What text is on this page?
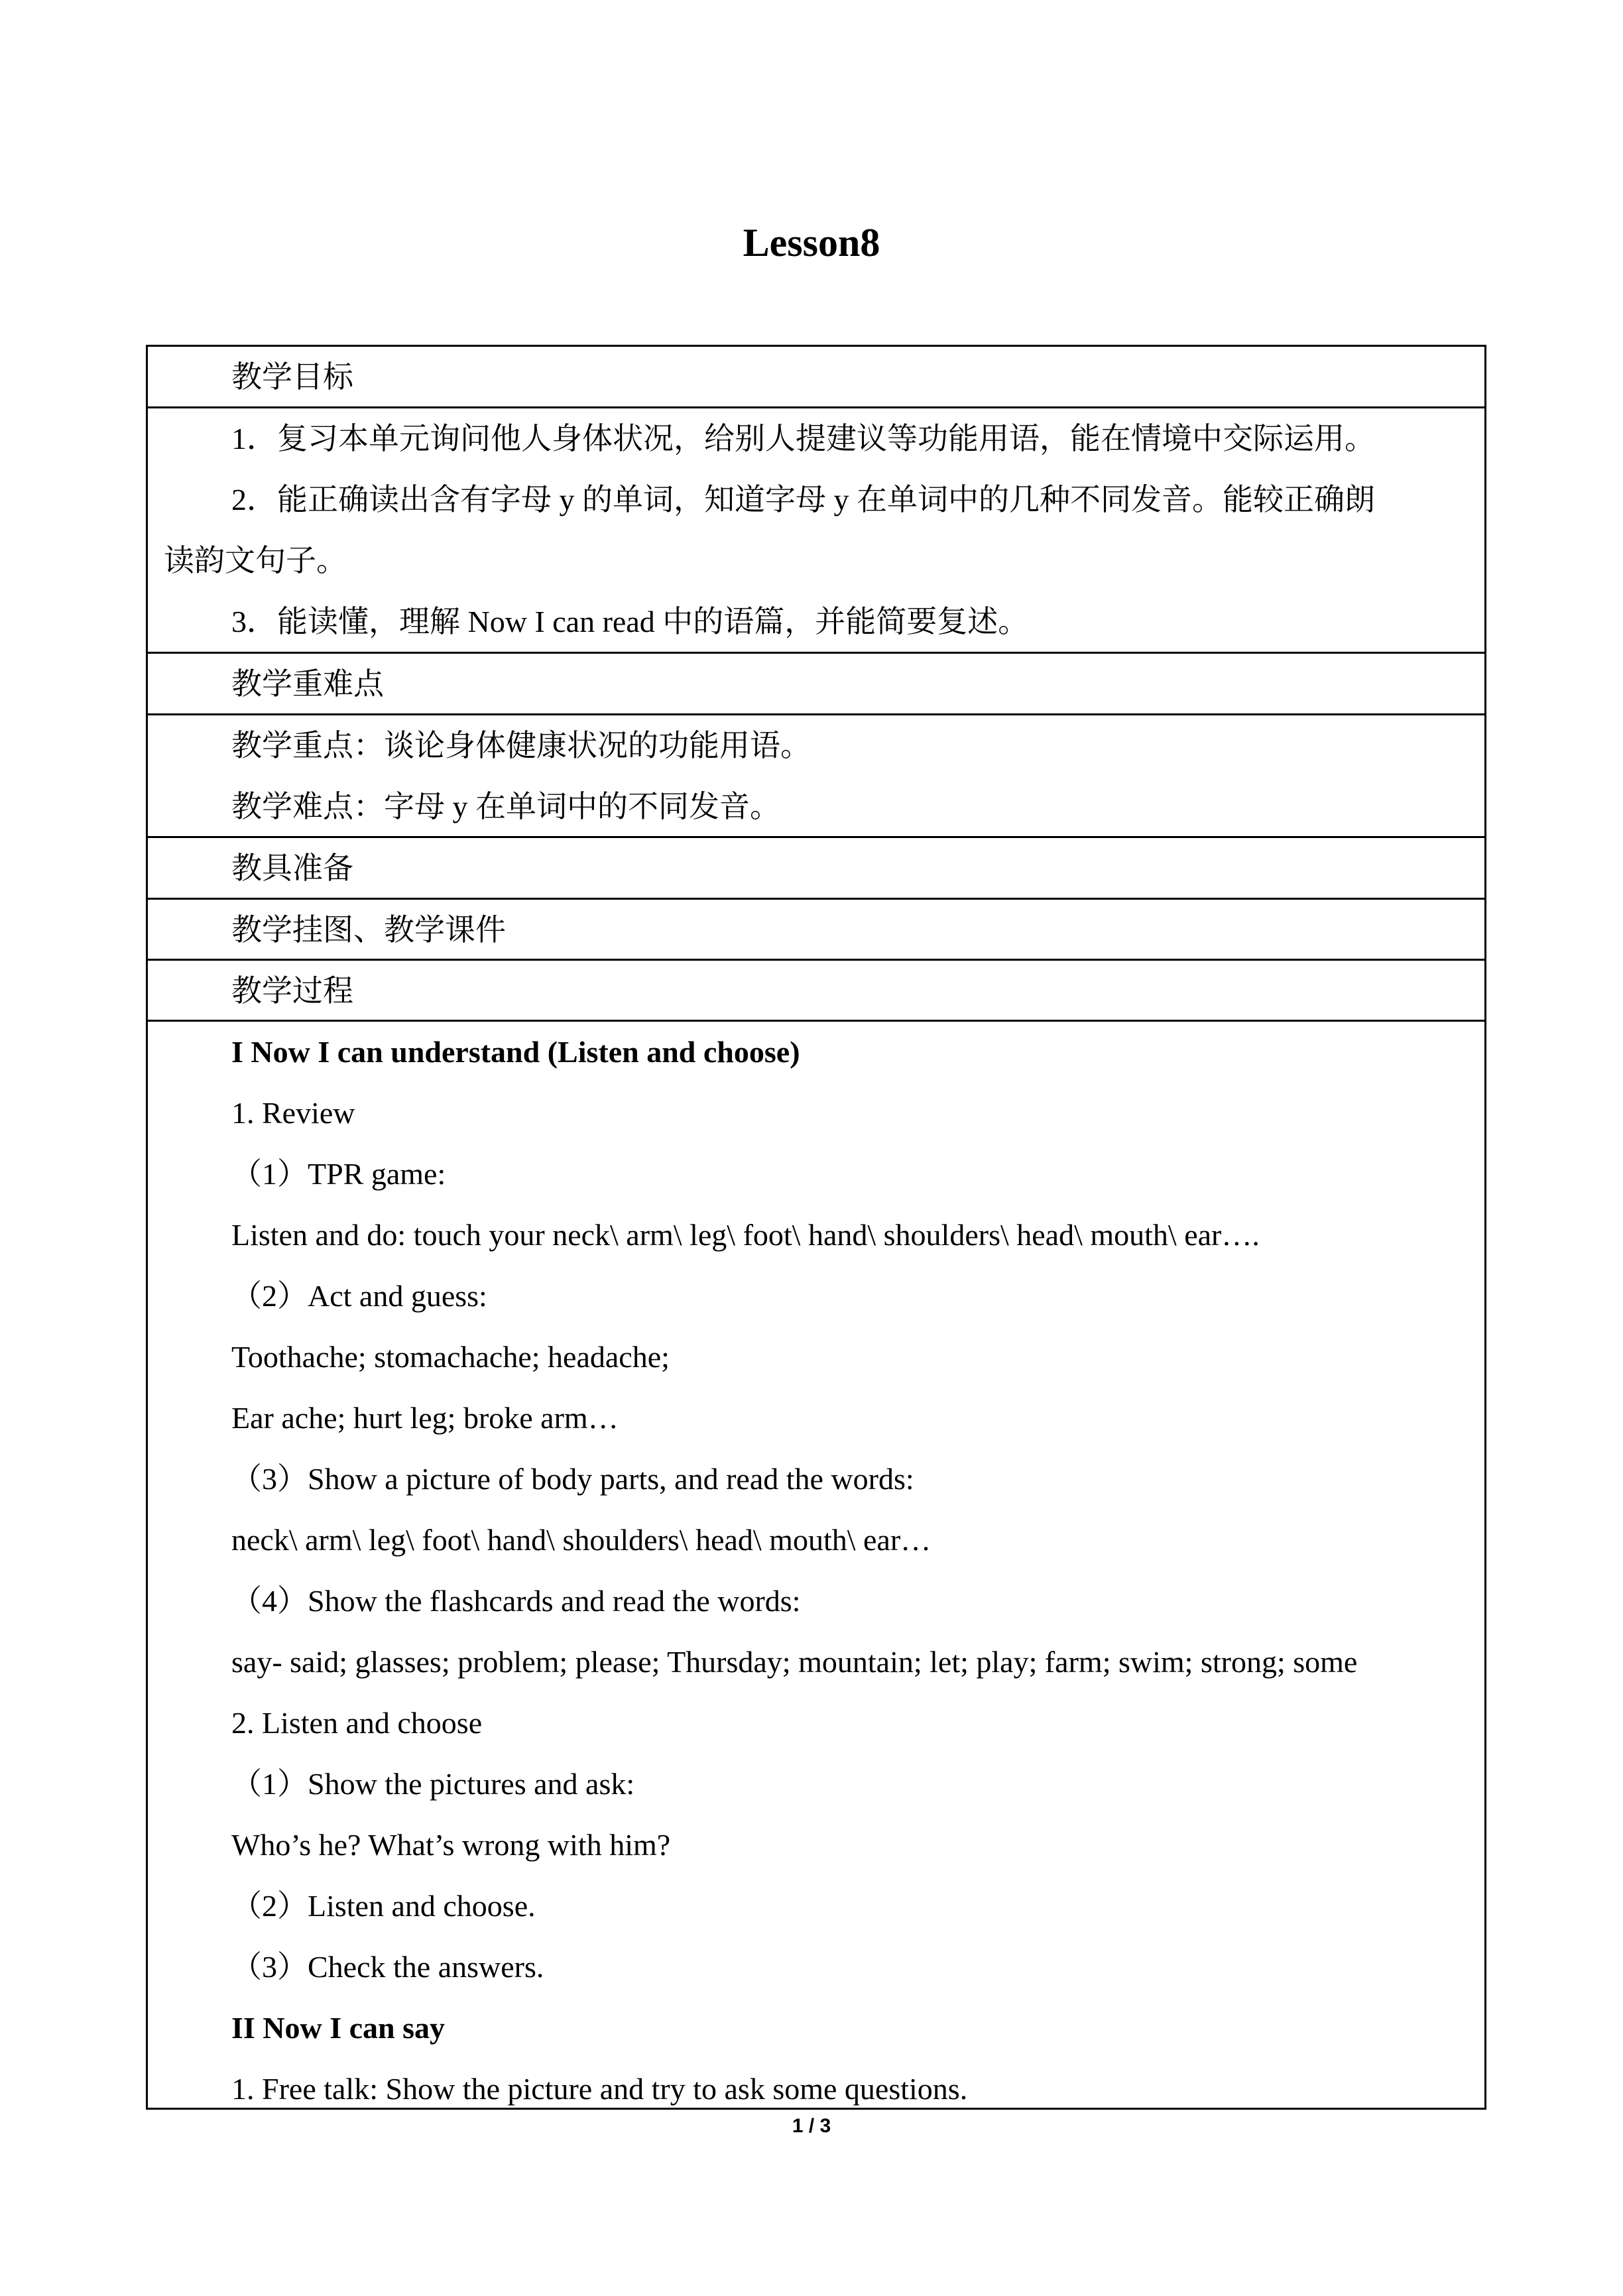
Lesson8
教学目标
1．复习本单元询问他人身体状况，给别人提建议等功能用语，能在情境中交际运用。
2．能正确读出含有字母 y 的单词，知道字母 y 在单词中的几种不同发音。能较正确朗
读韵文句子。
3．能读懂，理解 Now I can read 中的语篇，并能简要复述。
教学重难点
教学重点：谈论身体健康状况的功能用语。
教学难点：字母 y 在单词中的不同发音。
教具准备
教学挂图、教学课件
教学过程
I Now I can understand (Listen and choose)
1. Review
（1）TPR game:
Listen and do: touch your neck\ arm\ leg\ foot\ hand\ shoulders\ head\ mouth\ ear….
（2）Act and guess:
Toothache; stomachache; headache;
Ear ache; hurt leg; broke arm…
（3）Show a picture of body parts, and read the words:
neck\ arm\ leg\ foot\ hand\ shoulders\ head\ mouth\ ear…
（4）Show the flashcards and read the words:
say- said; glasses; problem; please; Thursday; mountain; let; play; farm; swim; strong; some
2. Listen and choose
（1）Show the pictures and ask:
Who’s he? What’s wrong with him?
（2）Listen and choose.
（3）Check the answers.
II Now I can say
1. Free talk: Show the picture and try to ask some questions.
1 / 3
